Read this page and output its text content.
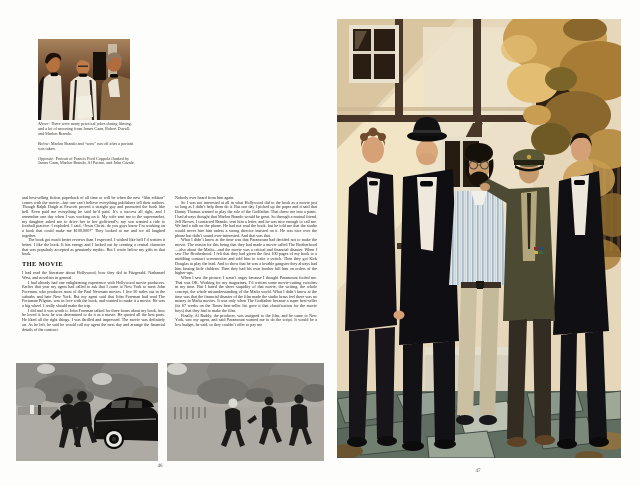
Above: There were many practical jokes during filming, and a lot of mooning from James Caan, Robert Duvall, and Marlon Brando.

Below: Marlon Brando and “sons” run off after a portrait was taken.

Opposite: Portrait of Francis Ford Coppola flanked by James Caan, Marlon Brando, Al Pacino, and John Cazale.

and best-selling fiction paperback of all time or will be when the new “film edition” comes with the movie—but one can’t believe everything publishers tell their authors. Though Ralph Daigh at Fawcett proved a straight guy and promoted the book like hell. Even paid me everything he said he’d paid. It’s a success all right, and I remember one day when I was working on it. My wife sent me to the supermarket, my daughter asked me to drive her to her girlfriend’s; my son wanted a ride to football practice. I exploded. I said, “Jesus Christ, do you guys know I’m working on a book that could make me $100,000?” They looked at me and we all laughed together.

The book got much better reviews than I expected. I wished like hell I’d written it better. I like the book. It has energy and I lucked out by creating a central character that was popularly accepted as genuinely mythic. But I wrote below my gifts in that book.

THE MOVIE

I had read the literature about Hollywood; how they did in Fitzgerald, Nathanael West, and novelists in general.

I had already had one enlightening experience with Hollywood movie producers. Earlier that year my agent had called to ask that I come to New York to meet John Foreman, who produces most of the Paul Newman movies. I live 50 miles out in the suburbs and hate New York. But my agent said that John Foreman had read The Fortunate Pilgrim, was in love with the book, and wanted to make it a movie. He was a big wheel. I really should make the trip.

I did and it was worth it. John Foreman talked for three hours about my book, how he loved it, how he was determined to do it as a movie. He quoted all the best parts. He liked all the right things. I was thrilled and impressed. The movie was definitely on. As he left, he said he would call my agent the next day and arrange the financial details of the contract.

Nobody ever heard from him again.

So I was not interested at all in what Hollywood did to the book as a movie just so long as I didn’t help them do it. But one day I picked up the paper and it said that Danny Thomas wanted to play the role of the Godfather. That threw me into a panic. I had always thought that Marlon Brando would be great. So through a mutual friend, Jeff Brown, I contacted Brando, sent him a letter, and he was nice enough to call me. We had a talk on the phone. He had not read the book, but he told me that the studio would never hire him unless a strong director insisted on it. He was nice over the phone but didn’t sound over-interested. And that was that.

What I didn’t know at the time was that Paramount had decided not to make the movie. The reason for this being that they had made a movie called The Brotherhood—also about the Mafia—and the movie was a critical and financial disaster. When I saw The Brotherhood, I felt that they had given the first 100 pages of my book to a middling contract screenwriter and told him to write a switch. Then they got Kirk Douglas to play the lead. And to show that he was a lovable gangster they always had him kissing little children. Then they had his own brother kill him on orders of the higher-ups.

When I saw the picture, I wasn’t angry because I thought Paramount fooled me. That was OK. Working for my magazines, I’d written some movie-cutting switches in my time. But I hated the sheer stupidity of that movie, the writing, the whole concept, the whole misunderstanding of the Mafia world. What I didn’t know at the time was that the financial disaster of the film made the studio brass feel there was no money in Mafia movies. It was only when The Godfather became a super best-seller (its 67 weeks on the Times best-seller list gave it that classification for the movie boys) that they had to make the film.

Finally, Al Ruddy, the producer, was assigned to the film, and he came to New York, saw my agent, and said Paramount wanted me to do the script. It would be a low budget, he said, so they couldn’t offer to pay me

46
47
